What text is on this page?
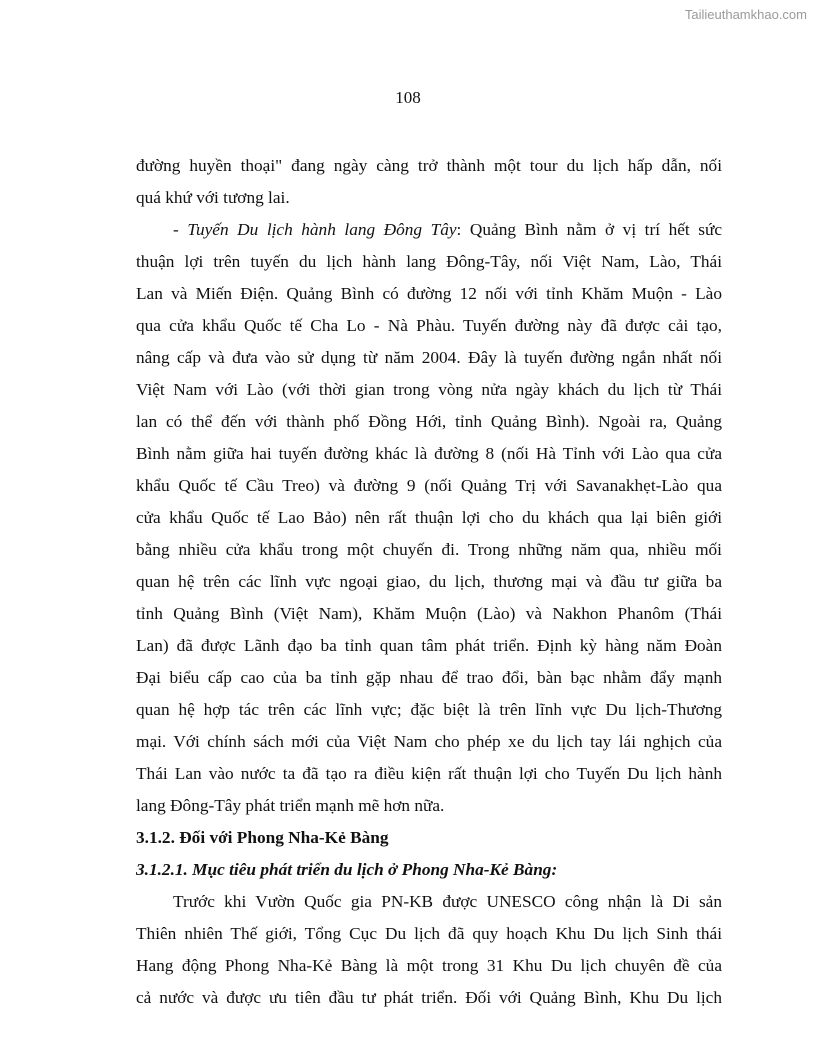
Tailieuthamkhao.com
108
đường huyền thoại" đang ngày càng trở thành một tour du lịch hấp dẫn, nối
quá khứ với tương lai.
- Tuyến Du lịch hành lang Đông Tây: Quảng Bình nằm ở vị trí hết sức
thuận lợi trên tuyến du lịch hành lang Đông-Tây, nối Việt Nam, Lào, Thái
Lan và Miến Điện. Quảng Bình có đường 12 nối với tỉnh Khăm Muộn - Lào
qua cửa khẩu Quốc tế Cha Lo - Nà Phàu. Tuyến đường này đã được cải tạo,
nâng cấp và đưa vào sử dụng từ năm 2004. Đây là tuyến đường ngắn nhất nối
Việt Nam với Lào (với thời gian trong vòng nửa ngày khách du lịch từ Thái
lan có thể đến với thành phố Đồng Hới, tỉnh Quảng Bình). Ngoài ra, Quảng
Bình nằm giữa hai tuyến đường khác là đường 8 (nối Hà Tỉnh với Lào qua cửa
khẩu Quốc tế Cầu Treo) và đường 9 (nối Quảng Trị với Savanakhẹt-Lào qua
cửa khẩu Quốc tế Lao Bảo) nên rất thuận lợi cho du khách qua lại biên giới
bằng nhiều cửa khẩu trong một chuyến đi. Trong những năm qua, nhiều mối
quan hệ trên các lĩnh vực ngoại giao, du lịch, thương mại và đầu tư giữa ba
tỉnh Quảng Bình (Việt Nam), Khăm Muộn (Lào) và Nakhon Phanôm (Thái
Lan) đã được Lãnh đạo ba tỉnh quan tâm phát triển. Định kỳ hàng năm Đoàn
Đại biểu cấp cao của ba tỉnh gặp nhau để trao đổi, bàn bạc nhằm đẩy mạnh
quan hệ hợp tác trên các lĩnh vực; đặc biệt là trên lĩnh vực Du lịch-Thương
mại. Với chính sách mới của Việt Nam cho phép xe du lịch tay lái nghịch của
Thái Lan vào nước ta đã tạo ra điều kiện rất thuận lợi cho Tuyến Du lịch hành
lang Đông-Tây phát triển mạnh mẽ hơn nữa.
3.1.2. Đối với Phong Nha-Kẻ Bàng
3.1.2.1. Mục tiêu phát triển du lịch ở Phong Nha-Kẻ Bàng:
Trước khi Vườn Quốc gia PN-KB được UNESCO công nhận là Di sản
Thiên nhiên Thế giới, Tổng Cục Du lịch đã quy hoạch Khu Du lịch Sinh thái
Hang động Phong Nha-Kẻ Bàng là một trong 31 Khu Du lịch chuyên đề của
cả nước và được ưu tiên đầu tư phát triển. Đối với Quảng Bình, Khu Du lịch
